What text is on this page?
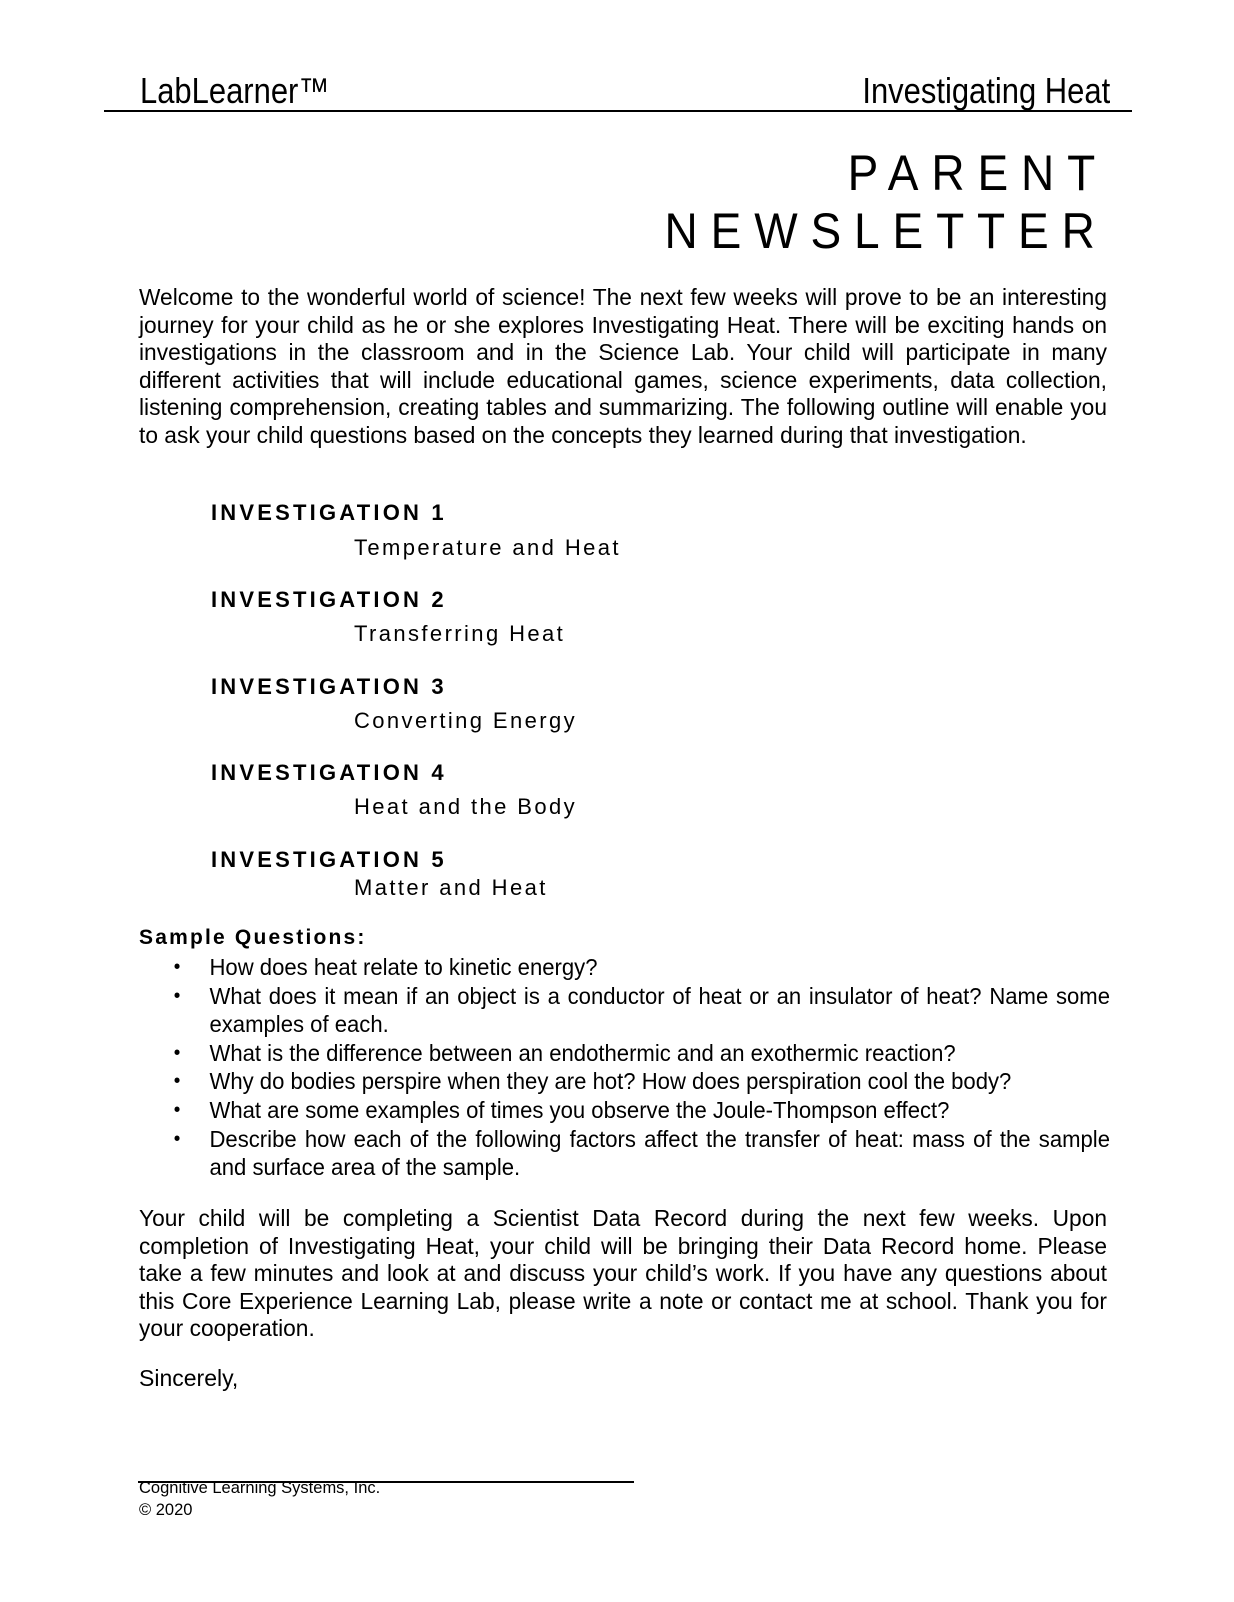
LabLearner™	Investigating Heat
PARENT
NEWSLETTER
Welcome to the wonderful world of science! The next few weeks will prove to be an interesting journey for your child as he or she explores Investigating Heat. There will be exciting hands on investigations in the classroom and in the Science Lab. Your child will participate in many different activities that will include educational games, science experiments, data collection, listening comprehension, creating tables and summarizing. The following outline will enable you to ask your child questions based on the concepts they learned during that investigation.
INVESTIGATION 1
Temperature and Heat
INVESTIGATION 2
Transferring Heat
INVESTIGATION 3
Converting Energy
INVESTIGATION 4
Heat and the Body
INVESTIGATION 5
Matter and Heat
Sample Questions:
• How does heat relate to kinetic energy?
• What does it mean if an object is a conductor of heat or an insulator of heat? Name some examples of each.
• What is the difference between an endothermic and an exothermic reaction?
• Why do bodies perspire when they are hot? How does perspiration cool the body?
• What are some examples of times you observe the Joule-Thompson effect?
• Describe how each of the following factors affect the transfer of heat: mass of the sample and surface area of the sample.
Your child will be completing a Scientist Data Record during the next few weeks. Upon completion of Investigating Heat, your child will be bringing their Data Record home. Please take a few minutes and look at and discuss your child’s work. If you have any questions about this Core Experience Learning Lab, please write a note or contact me at school. Thank you for your cooperation.
Sincerely,
Cognitive Learning Systems, Inc.
© 2020
